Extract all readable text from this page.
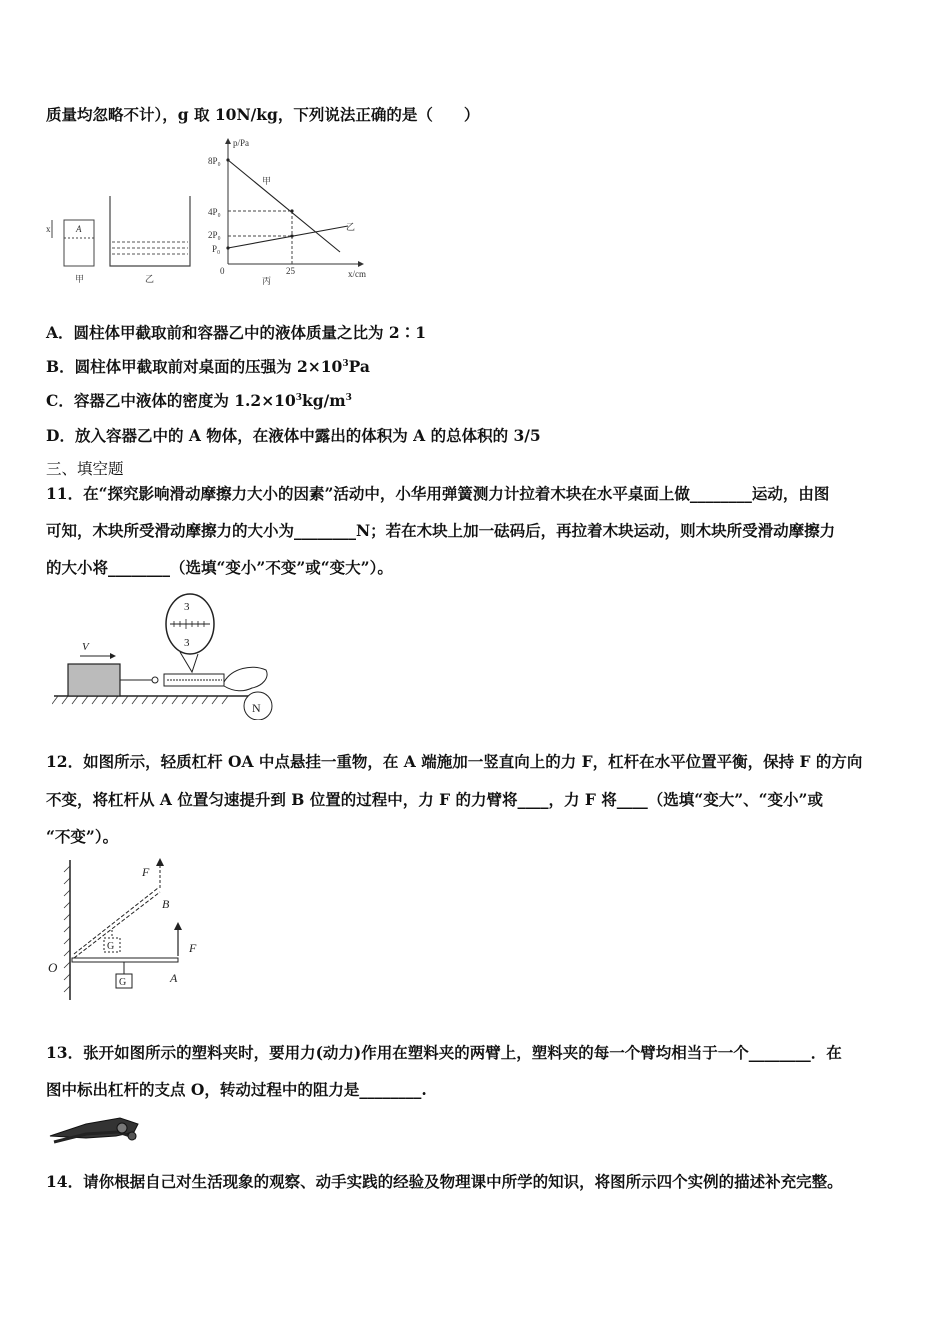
质量均忽略不计），g 取 10N/kg，下列说法正确的是（　　）
x	A
甲	乙
p/Pa
x/cm
8P₀
4P₀
2P₀
P₀
0	25
丙
甲
乙
A．圆柱体甲截取前和容器乙中的液体质量之比为 2∶1
B．圆柱体甲截取前对桌面的压强为 $2\times 10^3Pa$
C．容器乙中液体的密度为 $1.2\times 10^3kg/m^3$
D．放入容器乙中的 A 物体，在液体中露出的体积为 A 的总体积的 3/5
三、填空题
11．在“探究影响滑动摩擦力大小的因素”活动中，小华用弹簧测力计拉着木块在水平桌面上做________运动，由图
可知，木块所受滑动摩擦力的大小为________N；若在木块上加一砝码后，再拉着木块运动，则木块所受滑动摩擦力
的大小将________（选填“变小”不变”或“变大”）。
V
3
3
N
12．如图所示，轻质杠杆 OA 中点悬挂一重物，在 A 端施加一竖直向上的力 F，杠杆在水平位置平衡，保持 F 的方向
不变，将杠杆从 A 位置匀速提升到 B 位置的过程中，力 F 的力臂将____，力 F 将____（选填“变大”、“变小”或
“不变”）。
O
G	A
F
G
B
F
13．张开如图所示的塑料夹时，要用力(动力)作用在塑料夹的两臂上，塑料夹的每一个臂均相当于一个________．在
图中标出杠杆的支点 O，转动过程中的阻力是________.
14．请你根据自己对生活现象的观察、动手实践的经验及物理课中所学的知识，将图所示四个实例的描述补充完整。
